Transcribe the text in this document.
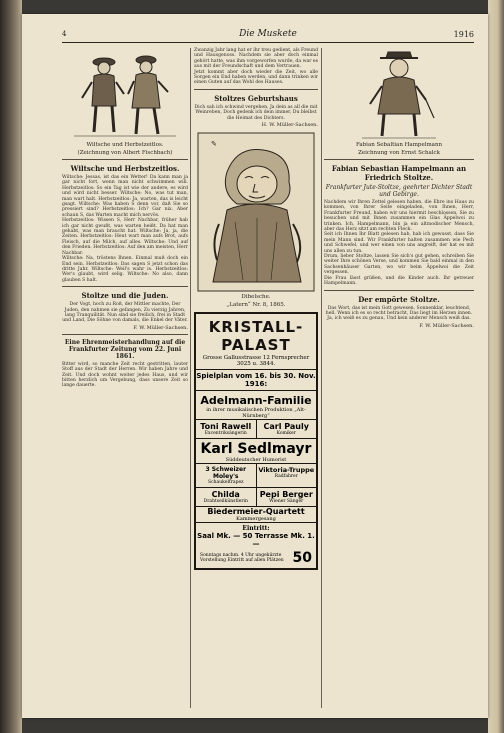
4	Die Muskete	1916
Wiltsche und Herbstzeitlos.
(Zeichnung von Albert Fischbach)
Wiltsche und Herbstzeitlos.

Wiltsche: Jessas, ist das ein Wetter! Da kann man ja gar nicht fort, wenn man nicht schwimmen will. Herbstzeitlos: So ein Tag ist wie der andere, es wird und wird nicht besser. Wiltsche: No, was tut man, man wart halt. Herbstzeitlos: Ja, warten, das is leicht gsagt. Wiltsche: Was haben S denn vor, daß Sie so pressiert sind? Herbstzeitlos: Ich? Gar nix. Aber schaun S, das Warten macht mich nervös.

Herbstzeitlos: Wissen S, Herr Nachbar, früher hab ich gar nicht gwußt, was warten heißt. Da hat man gehabt, was man braucht hat. Wiltsche: Ja, ja, die Zeiten. Herbstzeitlos: Heut wart man aufs Brot, aufs Fleisch, auf die Milch, auf alles. Wiltsche: Und auf den Frieden. Herbstzeitlos: Auf den am meisten, Herr Nachbar.

Wiltsche: Na, tröstens Ihnen. Einmal muß doch ein End sein. Herbstzeitlos: Das sagen S jetzt schon das dritte Jahr. Wiltsche: Weil's wahr is. Herbstzeitlos: Wer's glaubt, wird selig. Wiltsche: No also, dann glauben S halt.

Stoltze und die Juden.

Der Vogt, hoch zu Roß, der Mittler machte, Der Juden, den nahmen sie gefangen, Zu vierzig Jahren, lang Tranquilität. Nun sind sie freilich, frei in Stadt und Land, Die Söhne von damals, die Enkel der Väter.

F. W. Müller-Sachsen.
Eine Ehrenmeisterhandlung auf die Frankfurter Zeitung vom 22. Juni 1861.

Bitter wird, so manche Zeit recht gestritten, lauter Stoff aus der Stadt der Herren. Wir haben Jahre und Zeit. Und doch wohnt weiter jedes Haus, und wir bitten herzlich um Vergebung, dass unsere Zeit so lange dauerte.

Zwanzig Jahr lang hat er ihr treu gedient, als Freund und Hausgenoss. Nachdem sie aber doch einmal gehört hatte, was ihm vorgeworfen wurde, da war es aus mit der Freundschaft und dem Vertrauen.

Jetzt kommt aber doch wieder die Zeit, wo alle Sorgen ein End haben werden, und dann trinken wir einen Guten auf das Wohl des Hauses.

Stoltzes Geburtshaus

Dich sah ich schwind vergehen, Ja dein as all die mit Weinreben, Doch gedenk ich dein immer, Du bleibst die Heimat des Dichters.

H. W. Müller-Sachsen.
✎
Dibelsche.
„Latern“ Nr. 8, 1865.
KRISTALL-PALAST
Grosse Gallusstrasse 12 Fernsprecher 3025 u. 3844.
Spielplan vom 16. bis 30. Nov. 1916:
Adelmann-Familie
in ihrer musikalischen Produktion „Alt-Nürnberg“
Toni Rawell
Excentriksängerin
Carl Pauly
Komiker
Karl Sedlmayr
Süddeutscher Humorist
3 Schweizer Moley's
Schaukeltrapez
Viktoria-Truppe
Radfahrer
Childa
Drahtseilkünstlerin
Pepi Berger
Wiener Sänger
Biedermeier-Quartett
Kammergesang
Eintritt:
Saal Mk. — 50 Terrasse Mk. 1.—
Sonntags nachm. 4 Uhr ungekürzte Vorstellung Eintritt auf allen Plätzen 50
Fabian Sebaltian Hampelmann
Zeichnung von Ernst Schalck
Fabian Sebastian Hampelmann an Friedrich Stoltze.
Frankfurter Jute-Stoltze, geehrter Dichter Stadt und Gebirge.

Nachdem wir Ihren Zettel gelesen haben, die Ehre ins Haus zu kommen, von Ihrer Seite eingeladen, von Ihnen, Herr, Frankfurter Freund, haben wir uns hiermit beschlossen, Sie zu besuchen und mit Ihnen zusammen ein Glas Äppelwoi zu trinken. Ich, Hampelmann, bin ja ein altmodischer Mensch, aber das Herz sitzt am rechten Fleck.

Seit ich Ihnen Ihr Blatt gelesen hab, hab ich gewusst, dass Sie mein Mann sind. Wir Frankfurter halten zusammen wie Pech und Schwefel, und wer einen von uns angreift, der hat es mit uns allen zu tun.

Drum, lieber Stoltze, lassen Sie sich's gut gehen, schreiben Sie weiter Ihre schönen Verse, und kommen Sie bald einmal in den Sachsenhäuser Garten, wo wir beim Äppelwoi die Zeit vergessen.

Die Frau lässt grüßen, und die Kinder auch. Ihr getreuer Hampelmann.

Der empörte Stoltze.

Das Wort, das ist mein Gott gewesen, Sonnenklar, leuchtend, hell. Wenn ich es so recht betracht, Das liegt im Herzen innen. Ja, ich weiß es zu genau, Und kein anderer Mensch weiß das.

F. W. Müller-Sachsen.
